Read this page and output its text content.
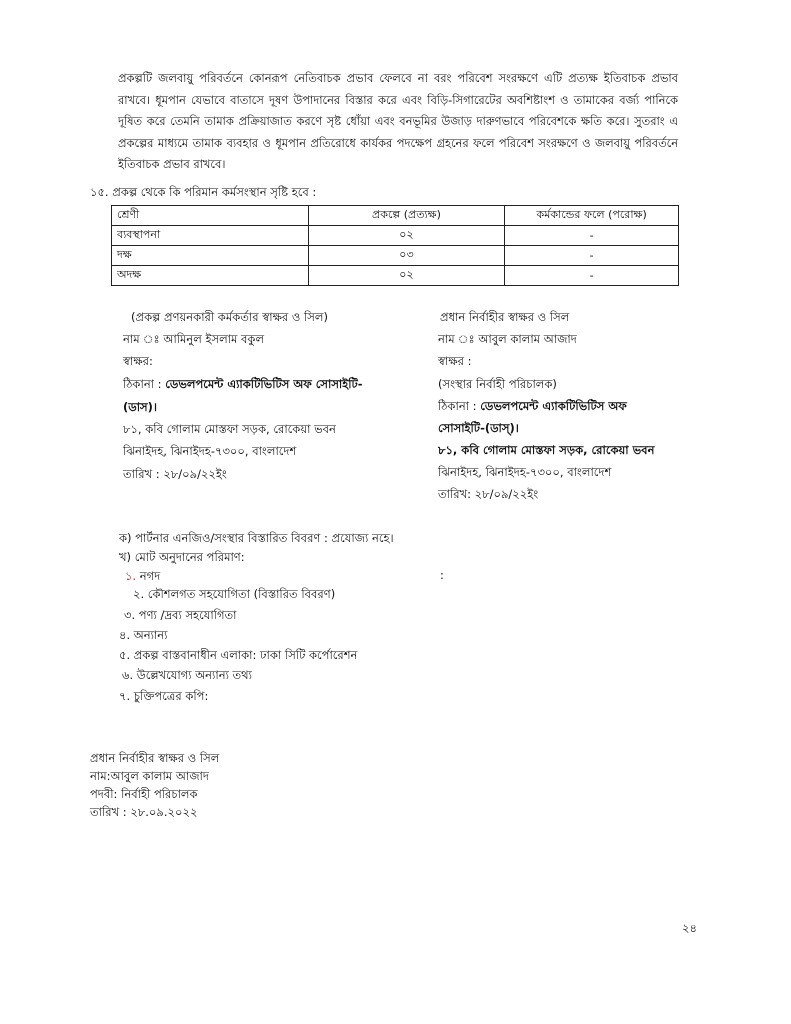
প্রকল্পটি জলবায়ু পরিবর্তনে কোনরূপ নেতিবাচক প্রভাব ফেলবে না বরং পরিবেশ সংরক্ষণে এটি প্রত্যক্ষ ইতিবাচক প্রভাব রাখবে। ধূমপান যেভাবে বাতাসে দূষণ উপাদানের বিস্তার করে এবং বিড়ি-সিগারেটের অবশিষ্টাংশ ও তামাকের বর্জ্য পানিকে দূষিত করে তেমনি তামাক প্রক্রিয়াজাত করণে সৃষ্ট ধোঁয়া এবং বনভূমির উজাড় দারুণভাবে পরিবেশকে ক্ষতি করে। সুতরাং এ প্রকল্পের মাধ্যমে তামাক ব্যবহার ও ধূমপান প্রতিরোধে কার্যকর পদক্ষেপ গ্রহনের ফলে পরিবেশ সংরক্ষণে ও জলবায়ু পরিবর্তনে ইতিবাচক প্রভাব রাখবে।
১৫. প্রকল্প থেকে কি পরিমান কর্মসংস্থান সৃষ্টি হবে :
শ্রেণী	প্রকল্পে (প্রত্যক্ষ)	কর্মকান্ডের ফলে (পরোক্ষ)
ব্যবস্থাপনা	০২	-
দক্ষ	০৩	-
অদক্ষ	০২	-
(প্রকল্প প্রণয়নকারী কর্মকর্তার স্বাক্ষর ও সিল)
নাম ঃ আমিনুল ইসলাম বকুল
স্বাক্ষর:
ঠিকানা : ডেভলপমেন্ট এ্যাকটিভিটিস অফ সোসাইটি-
(ডাস)।
৮১, কবি গোলাম মোস্তফা সড়ক, রোকেয়া ভবন
ঝিনাইদহ, ঝিনাইদহ-৭৩০০, বাংলাদেশ
তারিখ : ২৮/০৯/২২ইং
প্রধান নির্বাহীর স্বাক্ষর ও সিল
নাম ঃ আবুল কালাম আজাদ
স্বাক্ষর :
(সংস্থার নির্বাহী পরিচালক)
ঠিকানা : ডেভলপমেন্ট এ্যাকটিভিটিস অফ
সোসাইটি-(ডাস্)।
৮১, কবি গোলাম মোস্তফা সড়ক, রোকেয়া ভবন
ঝিনাইদহ, ঝিনাইদহ-৭৩০০, বাংলাদেশ
তারিখ: ২৮/০৯/২২ইং
ক) পার্টনার এনজিও/সংস্থার বিস্তারিত বিবরণ : প্রযোজ্য নহে।
খ) মোট অনুদানের পরিমাণ:
১. নগদ	:
২. কৌশলগত সহযোগিতা (বিস্তারিত বিবরণ)
৩. পণ্য /দ্রব্য সহযোগিতা
৪. অন্যান্য
৫. প্রকল্প বাস্তবানাধীন এলাকা: ঢাকা সিটি কর্পোরেশন
৬. উল্লেখযোগ্য অন্যান্য তথ্য
৭. চুক্তিপত্রের কপি:
প্রধান নির্বাহীর স্বাক্ষর ও সিল
নাম:আবুল কালাম আজাদ
পদবী: নির্বাহী পরিচালক
তারিখ : ২৮.০৯.২০২২
২৪
